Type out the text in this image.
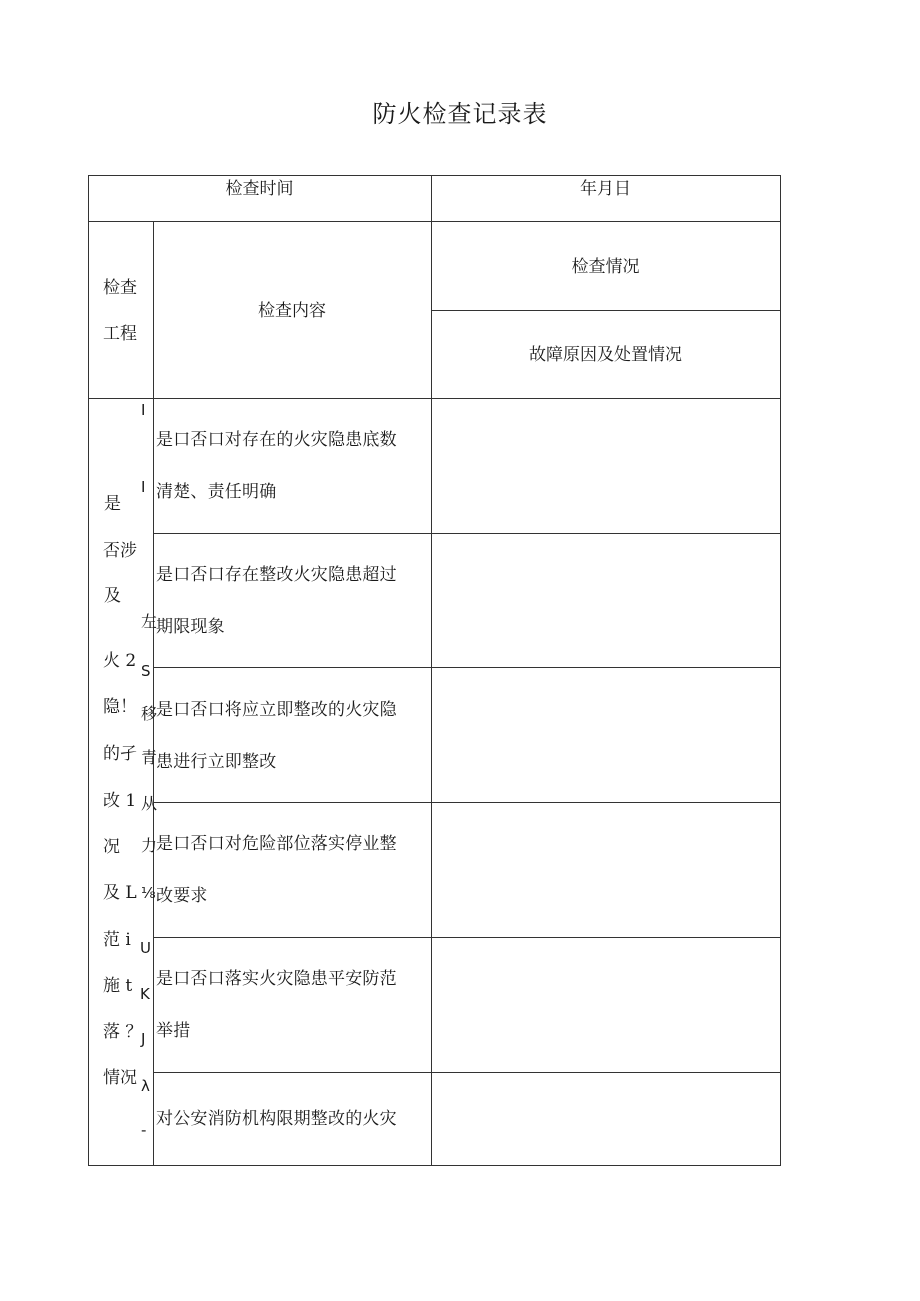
防火检查记录表
检查时间	年月日
检查
工程
检查内容
检查情况
故障原因及处置情况
是
否涉
及
火 2
隐！
的孑
改 1
况
及 L
范 i
施 t
落 ？
情况
I
I
左
S
移
青
从
力
⅛
U
K
J
λ
-
是口否口对存在的火灾隐患底数
清楚、责任明确
是口否口存在整改火灾隐患超过
期限现象
是口否口将应立即整改的火灾隐
患进行立即整改
是口否口对危险部位落实停业整
改要求
是口否口落实火灾隐患平安防范
举措
对公安消防机构限期整改的火灾
